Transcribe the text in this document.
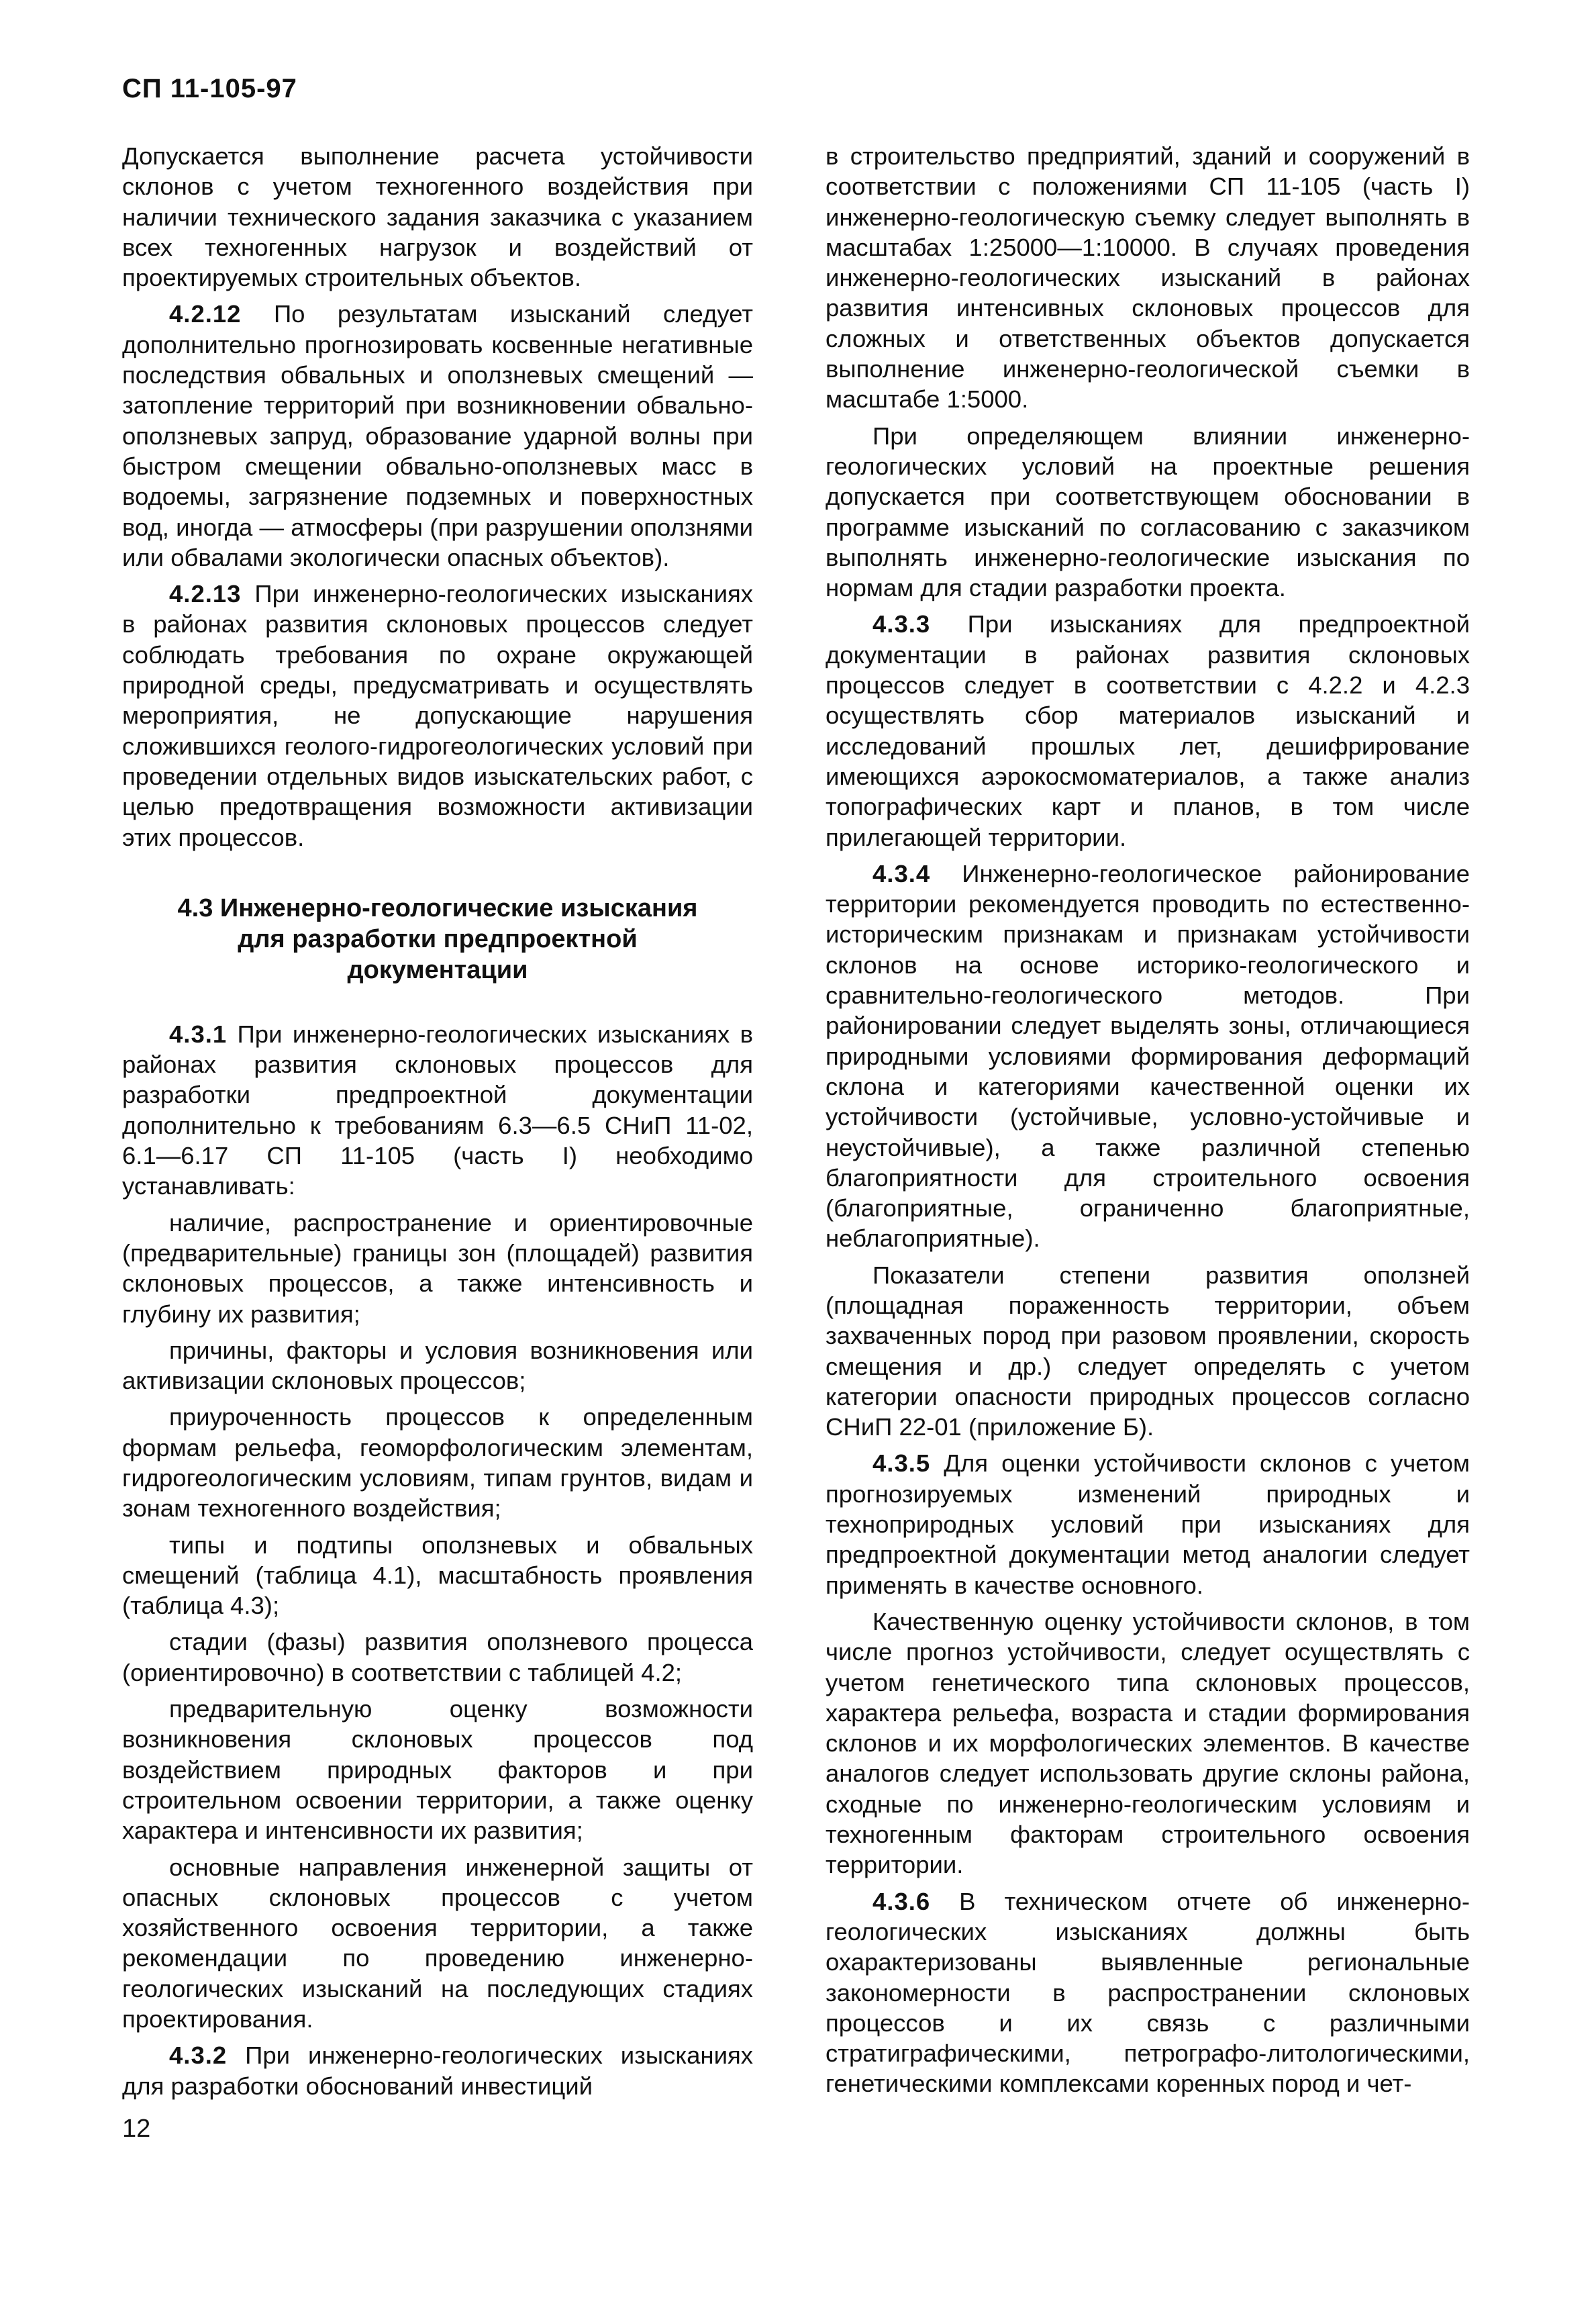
СП 11-105-97

Допускается выполнение расчета устойчивости склонов с учетом техногенного воздействия при наличии технического задания заказчика с указанием всех техногенных нагрузок и воздействий от проектируемых строительных объектов.

4.2.12 По результатам изысканий следует дополнительно прогнозировать косвенные негативные последствия обвальных и оползневых смещений — затопление территорий при возникновении обвально-оползневых запруд, образование ударной волны при быстром смещении обвально-оползневых масс в водоемы, загрязнение подземных и поверхностных вод, иногда — атмосферы (при разрушении оползнями или обвалами экологически опасных объектов).

4.2.13 При инженерно-геологических изысканиях в районах развития склоновых процессов следует соблюдать требования по охране окружающей природной среды, предусматривать и осуществлять мероприятия, не допускающие нарушения сложившихся геолого-гидрогеологических условий при проведении отдельных видов изыскательских работ, с целью предотвращения возможности активизации этих процессов.

4.3 Инженерно-геологические изыскания
для разработки предпроектной
документации

4.3.1 При инженерно-геологических изысканиях в районах развития склоновых процессов для разработки предпроектной документации дополнительно к требованиям 6.3—6.5 СНиП 11-02, 6.1—6.17 СП 11-105 (часть I) необходимо устанавливать:

наличие, распространение и ориентировочные (предварительные) границы зон (площадей) развития склоновых процессов, а также интенсивность и глубину их развития;

причины, факторы и условия возникновения или активизации склоновых процессов;

приуроченность процессов к определенным формам рельефа, геоморфологическим элементам, гидрогеологическим условиям, типам грунтов, видам и зонам техногенного воздействия;

типы и подтипы оползневых и обвальных смещений (таблица 4.1), масштабность проявления (таблица 4.3);

стадии (фазы) развития оползневого процесса (ориентировочно) в соответствии с таблицей 4.2;

предварительную оценку возможности возникновения склоновых процессов под воздействием природных факторов и при строительном освоении территории, а также оценку характера и интенсивности их развития;

основные направления инженерной защиты от опасных склоновых процессов с учетом хозяйственного освоения территории, а также рекомендации по проведению инженерно-геологических изысканий на последующих стадиях проектирования.

4.3.2 При инженерно-геологических изысканиях для разработки обоснований инвестиций

в строительство предприятий, зданий и сооружений в соответствии с положениями СП 11-105 (часть I) инженерно-геологическую съемку следует выполнять в масштабах 1:25000—1:10000. В случаях проведения инженерно-геологических изысканий в районах развития интенсивных склоновых процессов для сложных и ответственных объектов допускается выполнение инженерно-геологической съемки в масштабе 1:5000.

При определяющем влиянии инженерно-геологических условий на проектные решения допускается при соответствующем обосновании в программе изысканий по согласованию с заказчиком выполнять инженерно-геологические изыскания по нормам для стадии разработки проекта.

4.3.3 При изысканиях для предпроектной документации в районах развития склоновых процессов следует в соответствии с 4.2.2 и 4.2.3 осуществлять сбор материалов изысканий и исследований прошлых лет, дешифрирование имеющихся аэрокосмоматериалов, а также анализ топографических карт и планов, в том числе прилегающей территории.

4.3.4 Инженерно-геологическое районирование территории рекомендуется проводить по естественно-историческим признакам и признакам устойчивости склонов на основе историко-геологического и сравнительно-геологического методов. При районировании следует выделять зоны, отличающиеся природными условиями формирования деформаций склона и категориями качественной оценки их устойчивости (устойчивые, условно-устойчивые и неустойчивые), а также различной степенью благоприятности для строительного освоения (благоприятные, ограниченно благоприятные, неблагоприятные).

Показатели степени развития оползней (площадная пораженность территории, объем захваченных пород при разовом проявлении, скорость смещения и др.) следует определять с учетом категории опасности природных процессов согласно СНиП 22-01 (приложение Б).

4.3.5 Для оценки устойчивости склонов с учетом прогнозируемых изменений природных и технoприродных условий при изысканиях для предпроектной документации метод аналогии следует применять в качестве основного.

Качественную оценку устойчивости склонов, в том числе прогноз устойчивости, следует осуществлять с учетом генетического типа склоновых процессов, характера рельефа, возраста и стадии формирования склонов и их морфологических элементов. В качестве аналогов следует использовать другие склоны района, сходные по инженерно-геологическим условиям и техногенным факторам строительного освоения территории.

4.3.6 В техническом отчете об инженерно-геологических изысканиях должны быть охарактеризованы выявленные региональные закономерности в распространении склоновых процессов и их связь с различными стратиграфическими, петрографо-литологическими, генетическими комплексами коренных пород и чет-

12
